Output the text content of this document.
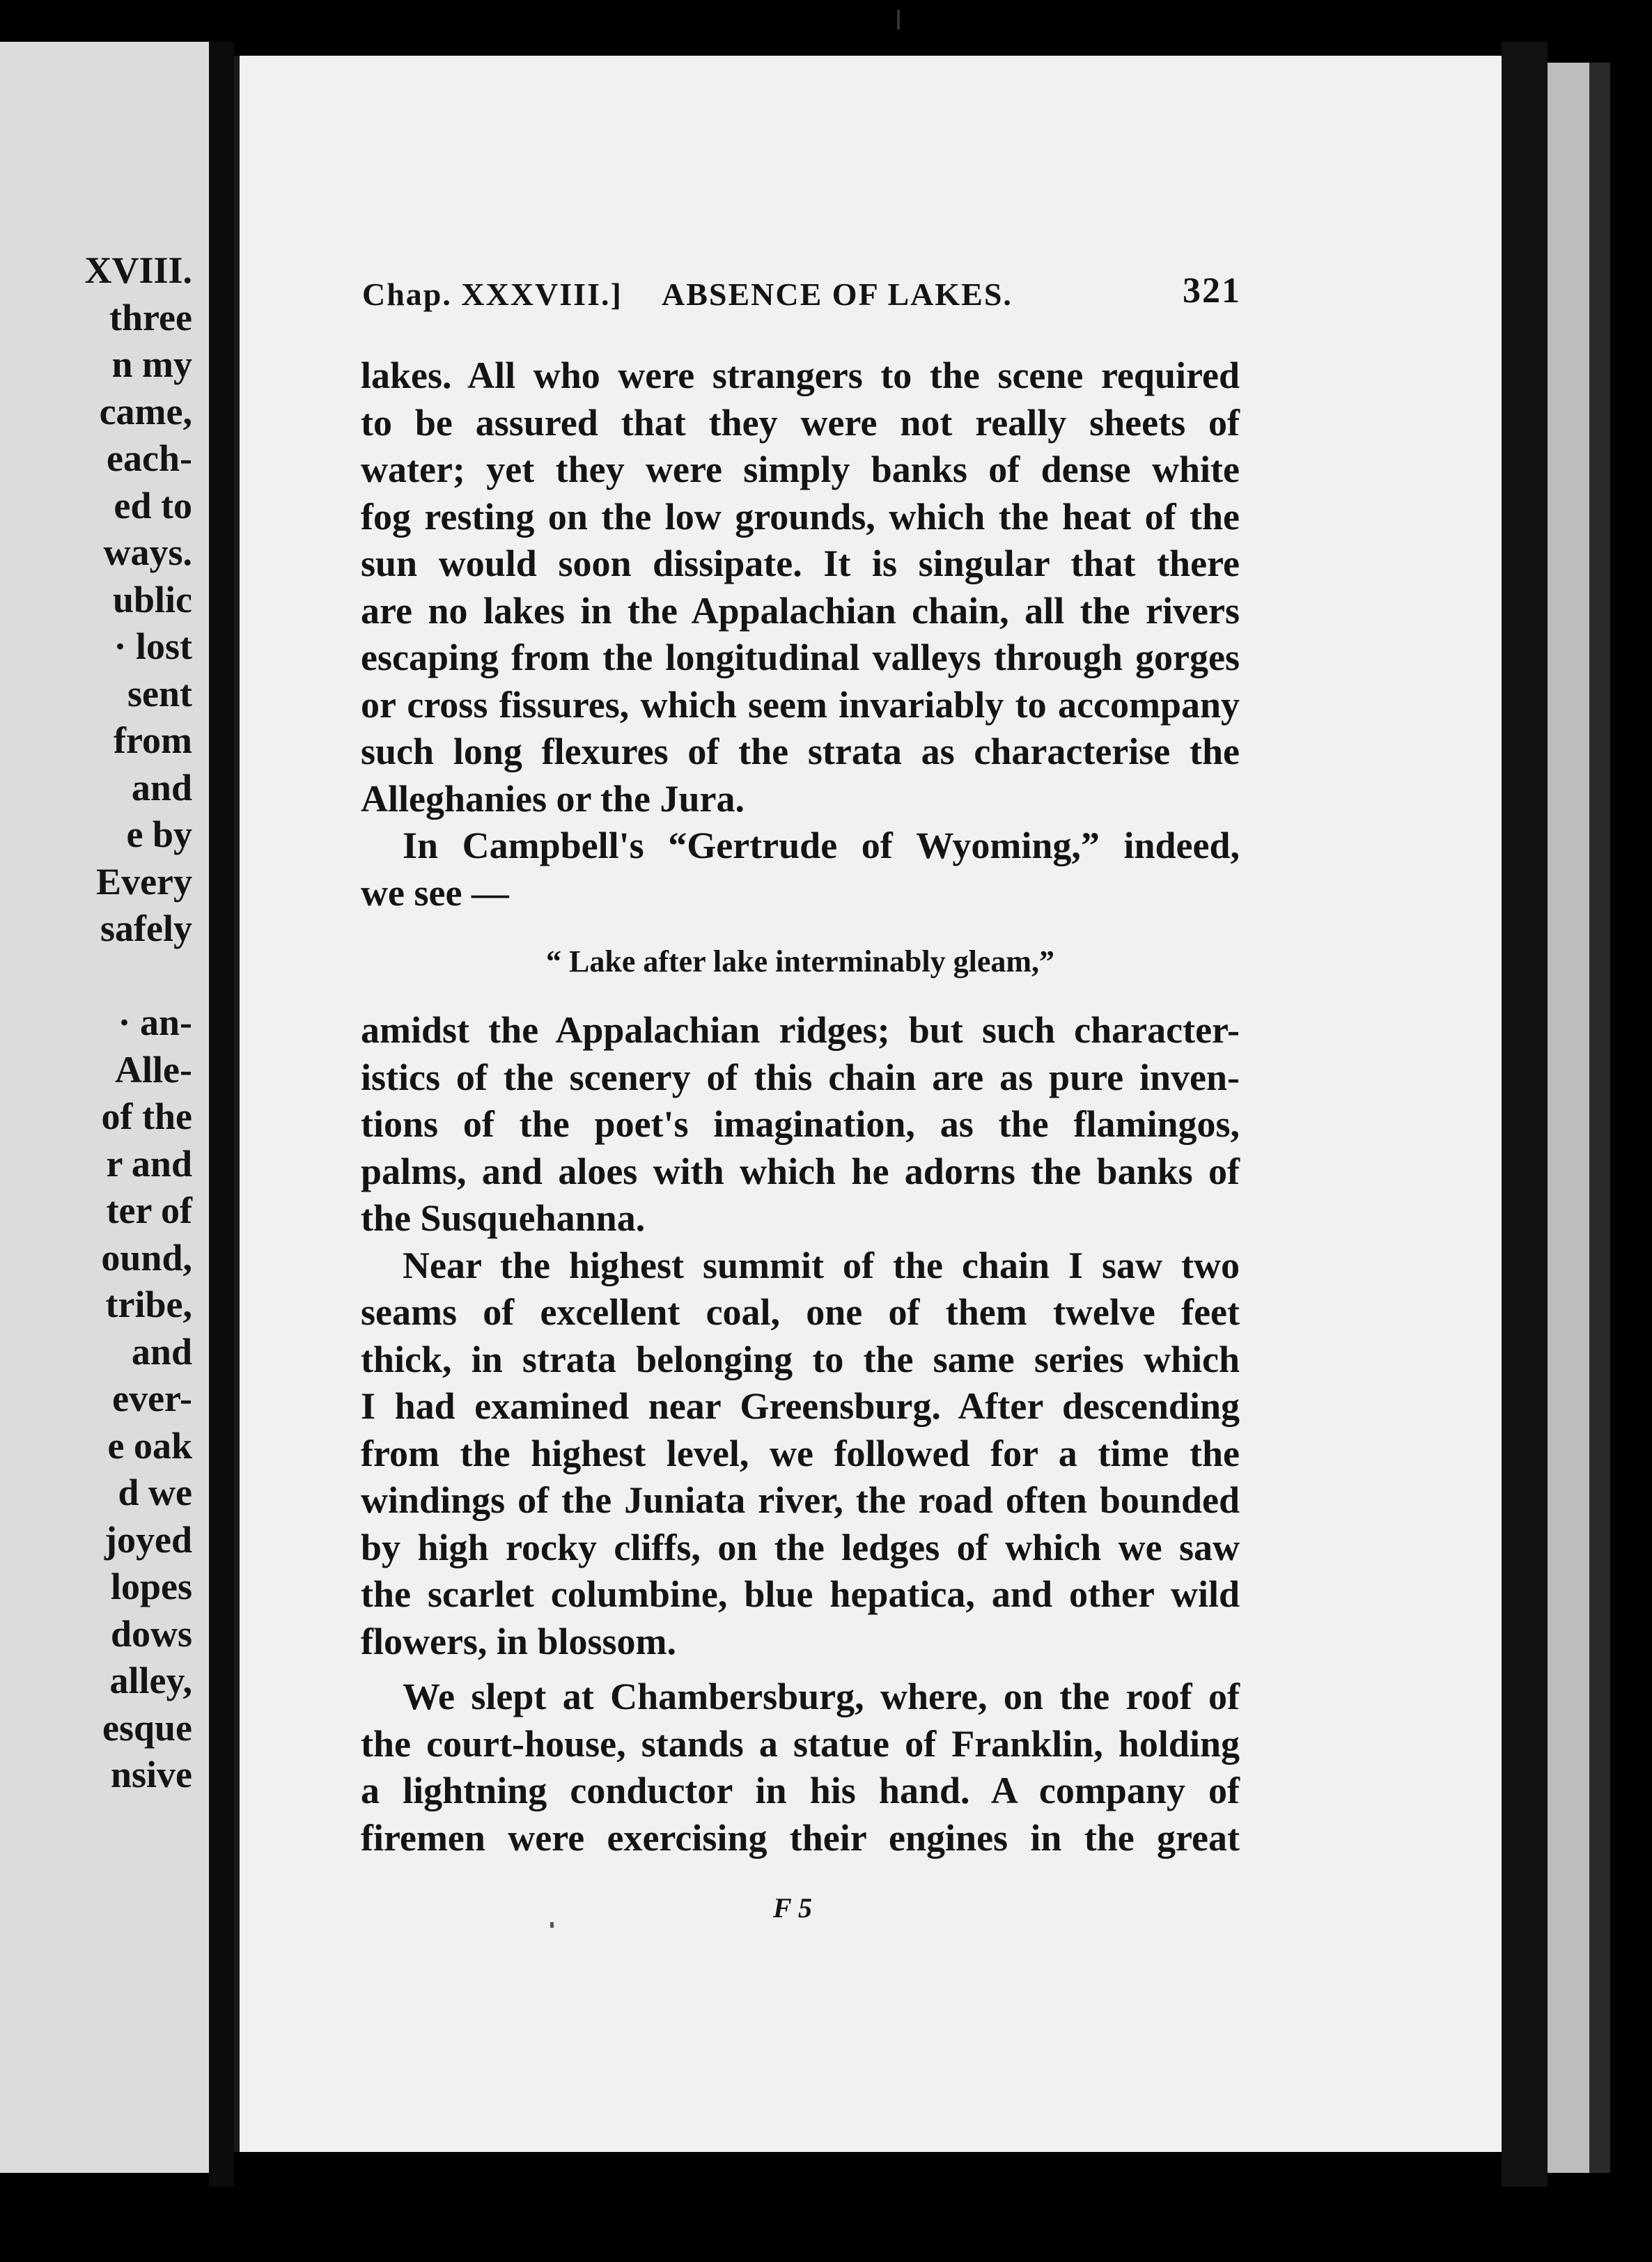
XVIII.
three
n my
came,
each-
ed to
ways.
ublic
· lost
sent
from
and
e by
Every
safely
· an-
Alle-
of the
r and
ter of
ound,
tribe,
and
ever-
e oak
d we
joyed
lopes
dows
alley,
esque
nsive
Chap. XXXVIII.] ABSENCE OF LAKES.	321

lakes. All who were strangers to the scene required

to be assured that they were not really sheets of

water; yet they were simply banks of dense white

fog resting on the low grounds, which the heat of the

sun would soon dissipate. It is singular that there

are no lakes in the Appalachian chain, all the rivers

escaping from the longitudinal valleys through gorges

or cross fissures, which seem invariably to accompany

such long flexures of the strata as characterise the

Alleghanies or the Jura.

In Campbell's “Gertrude of Wyoming,” indeed,

we see —

“ Lake after lake interminably gleam,”

amidst the Appalachian ridges; but such character-

istics of the scenery of this chain are as pure inven-

tions of the poet's imagination, as the flamingos,

palms, and aloes with which he adorns the banks of

the Susquehanna.

Near the highest summit of the chain I saw two

seams of excellent coal, one of them twelve feet

thick, in strata belonging to the same series which

I had examined near Greensburg. After descending

from the highest level, we followed for a time the

windings of the Juniata river, the road often bounded

by high rocky cliffs, on the ledges of which we saw

the scarlet columbine, blue hepatica, and other wild

flowers, in blossom.

We slept at Chambersburg, where, on the roof of

the court-house, stands a statue of Franklin, holding

a lightning conductor in his hand. A company of

firemen were exercising their engines in the great

F 5
